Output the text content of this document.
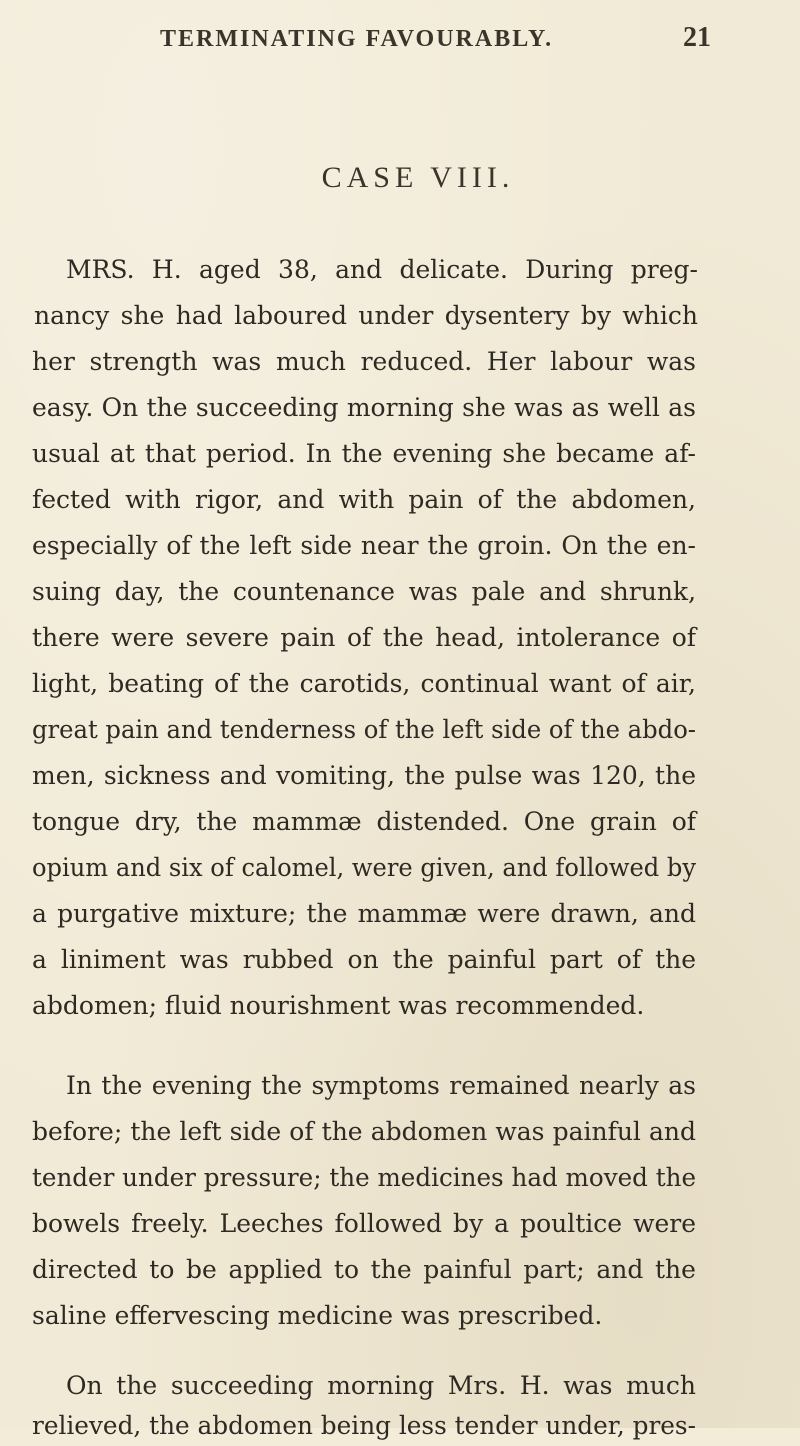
TERMINATING FAVOURABLY.	21
CASE VIII.
MRS. H. aged 38, and delicate. During preg-
nancy she had laboured under dysentery by which
her strength was much reduced. Her labour was
easy. On the succeeding morning she was as well as
usual at that period. In the evening she became af-
fected with rigor, and with pain of the abdomen,
especially of the left side near the groin. On the en-
suing day, the countenance was pale and shrunk,
there were severe pain of the head, intolerance of
light, beating of the carotids, continual want of air,
great pain and tenderness of the left side of the abdo-
men, sickness and vomiting, the pulse was 120, the
tongue dry, the mammæ distended. One grain of
opium and six of calomel, were given, and followed by
a purgative mixture; the mammæ were drawn, and
a liniment was rubbed on the painful part of the
abdomen; fluid nourishment was recommended.
In the evening the symptoms remained nearly as
before; the left side of the abdomen was painful and
tender under pressure; the medicines had moved the
bowels freely. Leeches followed by a poultice were
directed to be applied to the painful part; and the
saline effervescing medicine was prescribed.
On the succeeding morning Mrs. H. was much
relieved, the abdomen being less tender under, pres-
